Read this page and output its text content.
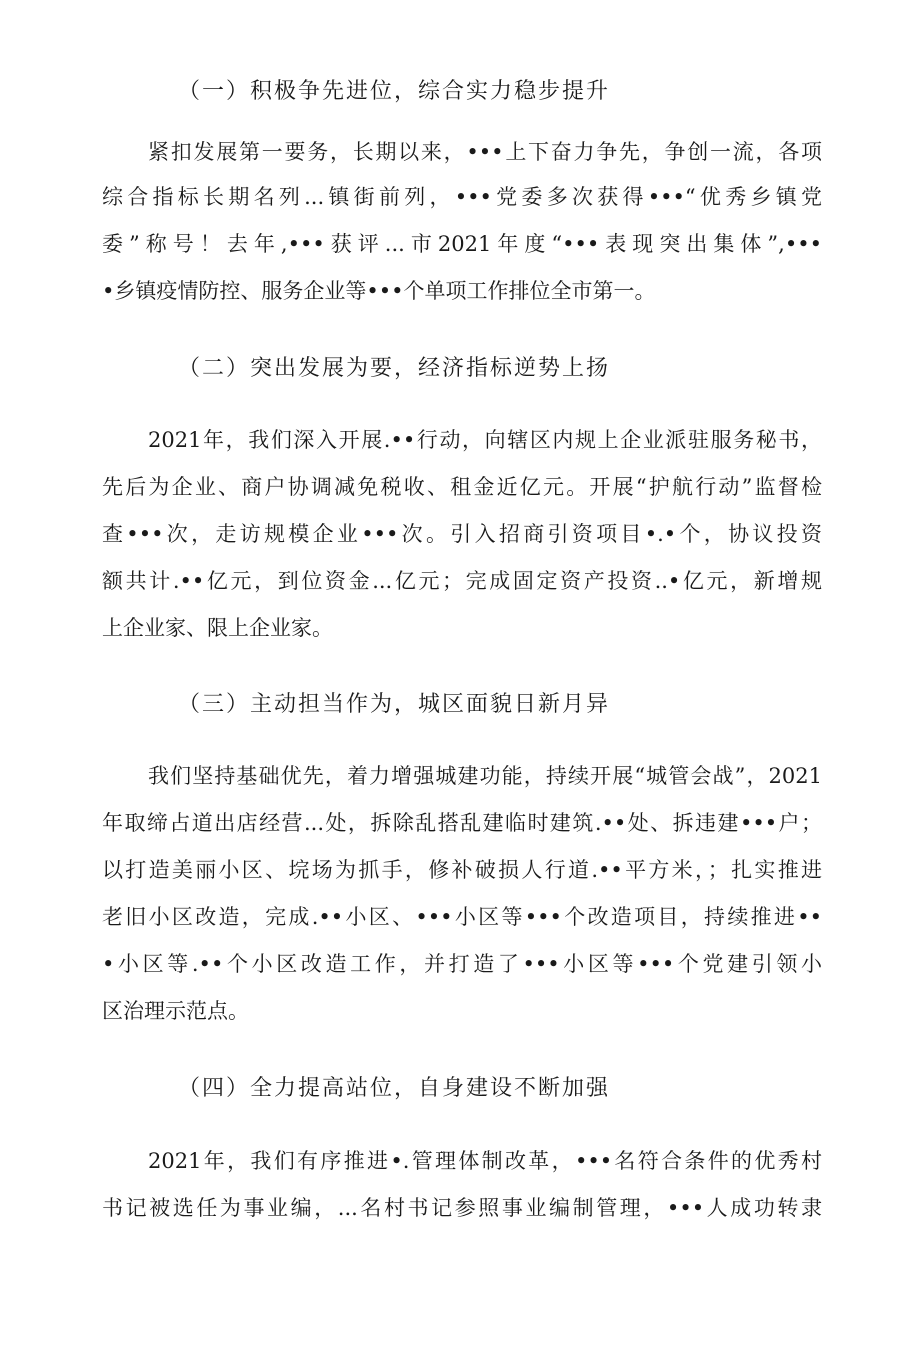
（一）积极争先进位，综合实力稳步提升
紧扣发展第一要务，长期以来，•••上下奋力争先，争创一流，各项
综合指标长期名列...镇街前列，•••党委多次获得•••“优秀乡镇党
委”称号！去年,•••获评...市2021年度“•••表现突出集体”,•••
•乡镇疫情防控、服务企业等•••个单项工作排位全市第一。
（二）突出发展为要，经济指标逆势上扬
2021年，我们深入开展.••行动，向辖区内规上企业派驻服务秘书，
先后为企业、商户协调减免税收、租金近亿元。开展“护航行动”监督检
查•••次，走访规模企业•••次。引入招商引资项目•.•个，协议投资
额共计.••亿元，到位资金...亿元；完成固定资产投资..•亿元，新增规
上企业家、限上企业家。
（三）主动担当作为，城区面貌日新月异
我们坚持基础优先，着力增强城建功能，持续开展“城管会战”，2021
年取缔占道出店经营...处，拆除乱搭乱建临时建筑.••处、拆违建•••户；
以打造美丽小区、垸场为抓手，修补破损人行道.••平方米，；扎实推进
老旧小区改造，完成.••小区、•••小区等•••个改造项目，持续推进••
•小区等.••个小区改造工作，并打造了•••小区等•••个党建引领小
区治理示范点。
（四）全力提高站位，自身建设不断加强
2021年，我们有序推进•.管理体制改革，•••名符合条件的优秀村
书记被选任为事业编，...名村书记参照事业编制管理，•••人成功转隶
